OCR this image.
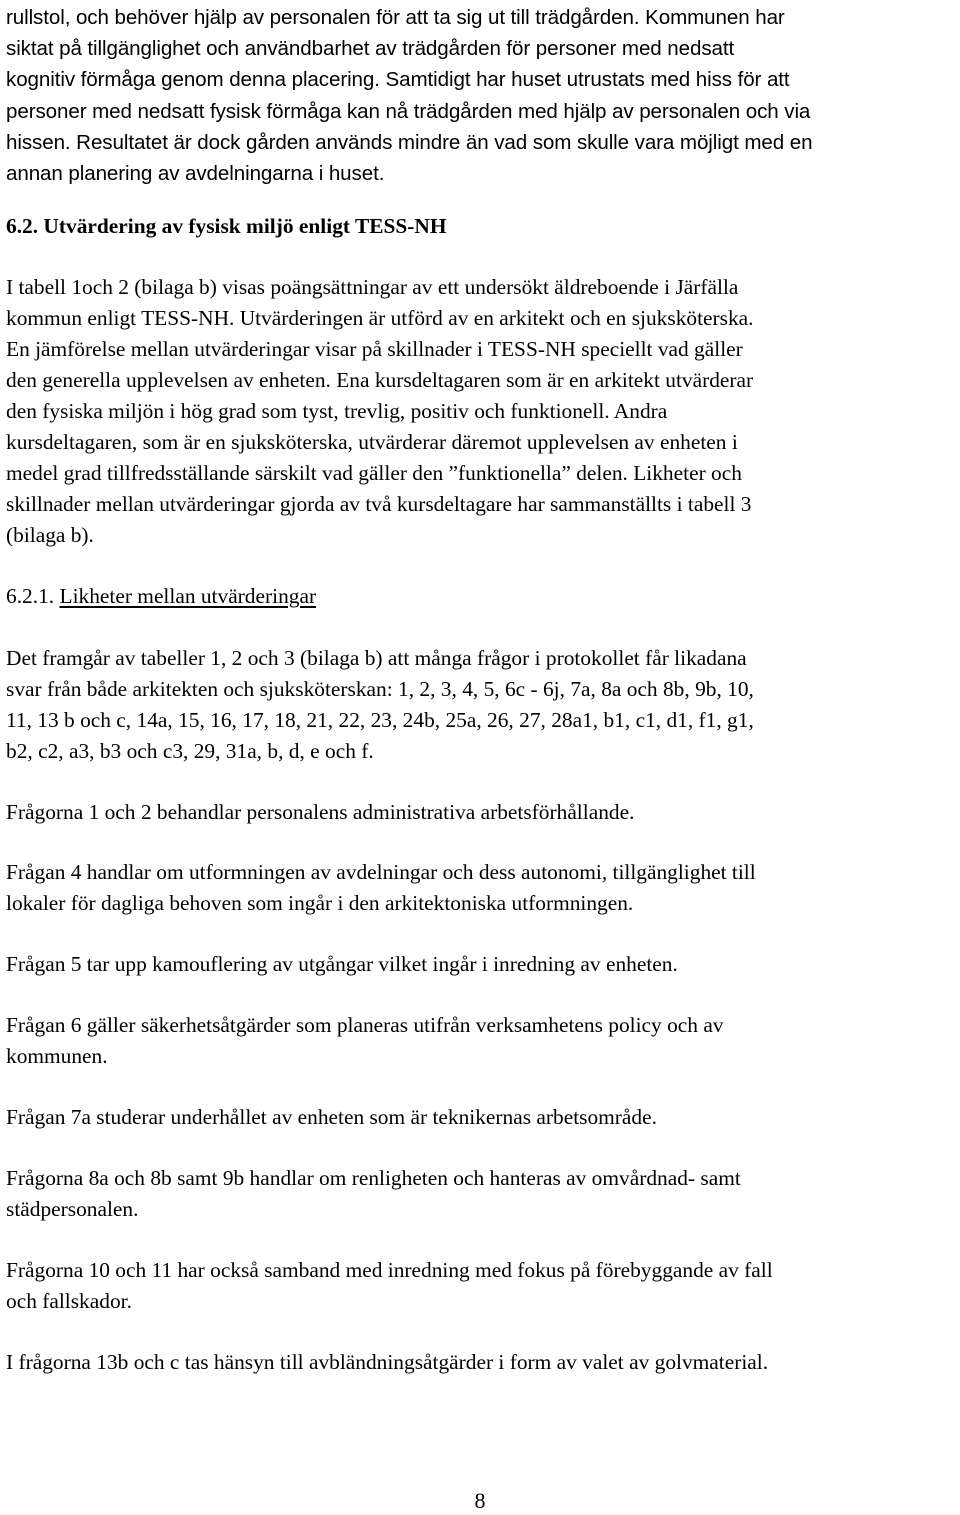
rullstol, och behöver hjälp av personalen för att ta sig ut till trädgården. Kommunen har

siktat på tillgänglighet och användbarhet av trädgården för personer med nedsatt

kognitiv förmåga genom denna placering. Samtidigt har huset utrustats med hiss för att

personer med nedsatt fysisk förmåga kan nå trädgården med hjälp av personalen och via

hissen. Resultatet är dock gården används mindre än vad som skulle vara möjligt med en

annan planering av avdelningarna i huset.

6.2. Utvärdering av fysisk miljö enligt TESS-NH

I tabell 1och 2 (bilaga b) visas poängsättningar av ett undersökt äldreboende i Järfälla

kommun enligt TESS-NH. Utvärderingen är utförd av en arkitekt och en sjuksköterska.

En jämförelse mellan utvärderingar visar på skillnader i TESS-NH speciellt vad gäller

den generella upplevelsen av enheten. Ena kursdeltagaren som är en arkitekt utvärderar

den fysiska miljön i hög grad som tyst, trevlig, positiv och funktionell. Andra

kursdeltagaren, som är en sjuksköterska, utvärderar däremot upplevelsen av enheten i

medel grad tillfredsställande särskilt vad gäller den ”funktionella” delen. Likheter och

skillnader mellan utvärderingar gjorda av två kursdeltagare har sammanställts i tabell 3

(bilaga b).

6.2.1. Likheter mellan utvärderingar

Det framgår av tabeller 1, 2 och 3 (bilaga b) att många frågor i protokollet får likadana

svar från både arkitekten och sjuksköterskan: 1, 2, 3, 4, 5, 6c - 6j, 7a, 8a och 8b, 9b, 10,

11, 13 b och c, 14a, 15, 16, 17, 18, 21, 22, 23, 24b, 25a, 26, 27, 28a1, b1, c1, d1, f1, g1,

b2, c2, a3, b3 och c3, 29, 31a, b, d, e och f.

Frågorna 1 och 2 behandlar personalens administrativa arbetsförhållande.

Frågan 4 handlar om utformningen av avdelningar och dess autonomi, tillgänglighet till

lokaler för dagliga behoven som ingår i den arkitektoniska utformningen.

Frågan 5 tar upp kamouflering av utgångar vilket ingår i inredning av enheten.

Frågan 6 gäller säkerhetsåtgärder som planeras utifrån verksamhetens policy och av

kommunen.

Frågan 7a studerar underhållet av enheten som är teknikernas arbetsområde.

Frågorna 8a och 8b samt 9b handlar om renligheten och hanteras av omvårdnad- samt

städpersonalen.

Frågorna 10 och 11 har också samband med inredning med fokus på förebyggande av fall

och fallskador.

I frågorna 13b och c tas hänsyn till avbländningsåtgärder i form av valet av golvmaterial.

8
